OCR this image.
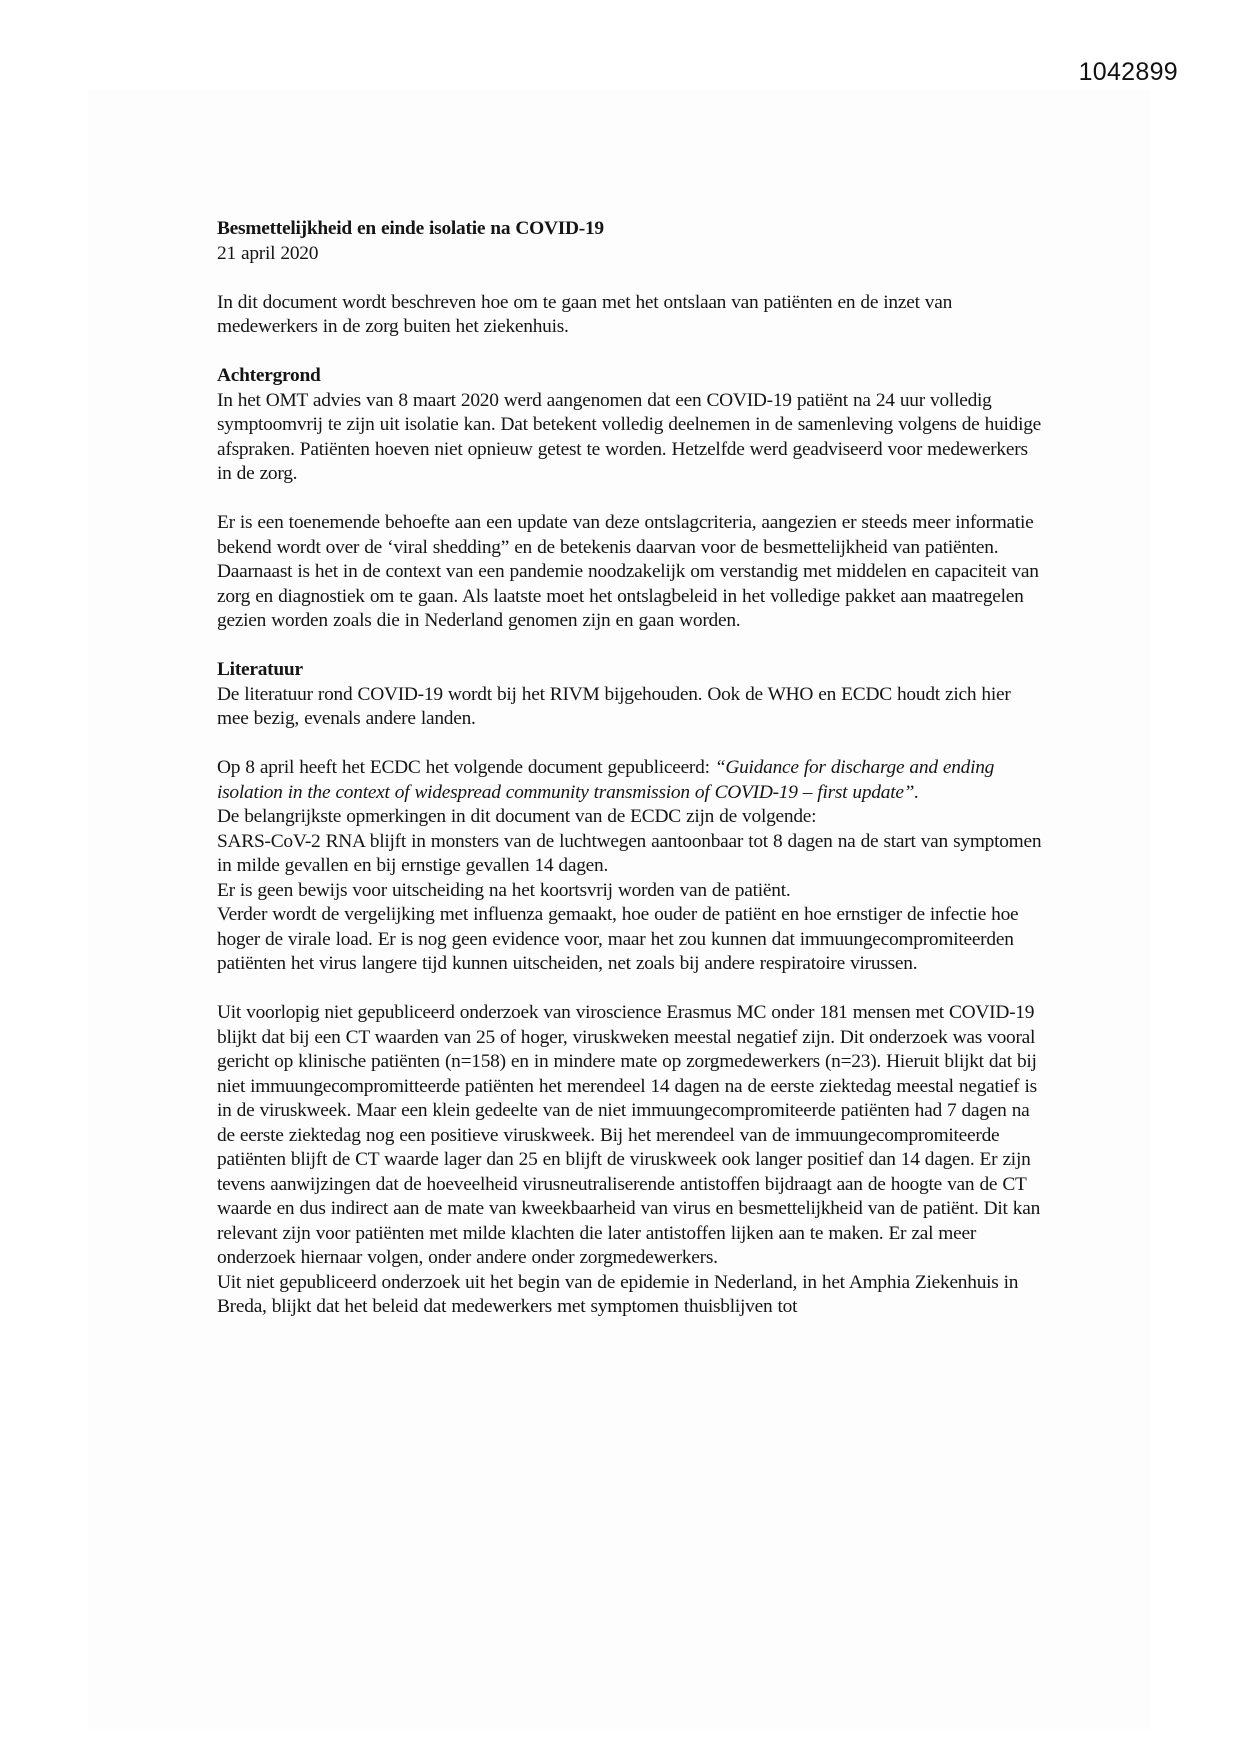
1042899

Besmettelijkheid en einde isolatie na COVID-19

21 april 2020

In dit document wordt beschreven hoe om te gaan met het ontslaan van patiënten en de inzet van medewerkers in de zorg buiten het ziekenhuis.

Achtergrond

In het OMT advies van 8 maart 2020 werd aangenomen dat een COVID-19 patiënt na 24 uur volledig symptoomvrij te zijn uit isolatie kan. Dat betekent volledig deelnemen in de samenleving volgens de huidige afspraken. Patiënten hoeven niet opnieuw getest te worden. Hetzelfde werd geadviseerd voor medewerkers in de zorg.

Er is een toenemende behoefte aan een update van deze ontslagcriteria, aangezien er steeds meer informatie bekend wordt over de ‘viral shedding” en de betekenis daarvan voor de besmettelijkheid van patiënten. Daarnaast is het in de context van een pandemie noodzakelijk om verstandig met middelen en capaciteit van zorg en diagnostiek om te gaan. Als laatste moet het ontslagbeleid in het volledige pakket aan maatregelen gezien worden zoals die in Nederland genomen zijn en gaan worden.

Literatuur

De literatuur rond COVID-19 wordt bij het RIVM bijgehouden. Ook de WHO en ECDC houdt zich hier mee bezig, evenals andere landen.

Op 8 april heeft het ECDC het volgende document gepubliceerd: “Guidance for discharge and ending isolation in the context of widespread community transmission of COVID-19 – first update”.

De belangrijkste opmerkingen in dit document van de ECDC zijn de volgende:

SARS-CoV-2 RNA blijft in monsters van de luchtwegen aantoonbaar tot 8 dagen na de start van symptomen in milde gevallen en bij ernstige gevallen 14 dagen.

Er is geen bewijs voor uitscheiding na het koortsvrij worden van de patiënt.

Verder wordt de vergelijking met influenza gemaakt, hoe ouder de patiënt en hoe ernstiger de infectie hoe hoger de virale load. Er is nog geen evidence voor, maar het zou kunnen dat immuungecompromiteerden patiënten het virus langere tijd kunnen uitscheiden, net zoals bij andere respiratoire virussen.

Uit voorlopig niet gepubliceerd onderzoek van viroscience Erasmus MC onder 181 mensen met COVID-19 blijkt dat bij een CT waarden van 25 of hoger, viruskweken meestal negatief zijn. Dit onderzoek was vooral gericht op klinische patiënten (n=158) en in mindere mate op zorgmedewerkers (n=23). Hieruit blijkt dat bij niet immuungecompromitteerde patiënten het merendeel 14 dagen na de eerste ziektedag meestal negatief is in de viruskweek. Maar een klein gedeelte van de niet immuungecompromiteerde patiënten had 7 dagen na de eerste ziektedag nog een positieve viruskweek. Bij het merendeel van de immuungecompromiteerde patiënten blijft de CT waarde lager dan 25 en blijft de viruskweek ook langer positief dan 14 dagen. Er zijn tevens aanwijzingen dat de hoeveelheid virusneutraliserende antistoffen bijdraagt aan de hoogte van de CT waarde en dus indirect aan de mate van kweekbaarheid van virus en besmettelijkheid van de patiënt. Dit kan relevant zijn voor patiënten met milde klachten die later antistoffen lijken aan te maken. Er zal meer onderzoek hiernaar volgen, onder andere onder zorgmedewerkers.

Uit niet gepubliceerd onderzoek uit het begin van de epidemie in Nederland, in het Amphia Ziekenhuis in Breda, blijkt dat het beleid dat medewerkers met symptomen thuisblijven tot
